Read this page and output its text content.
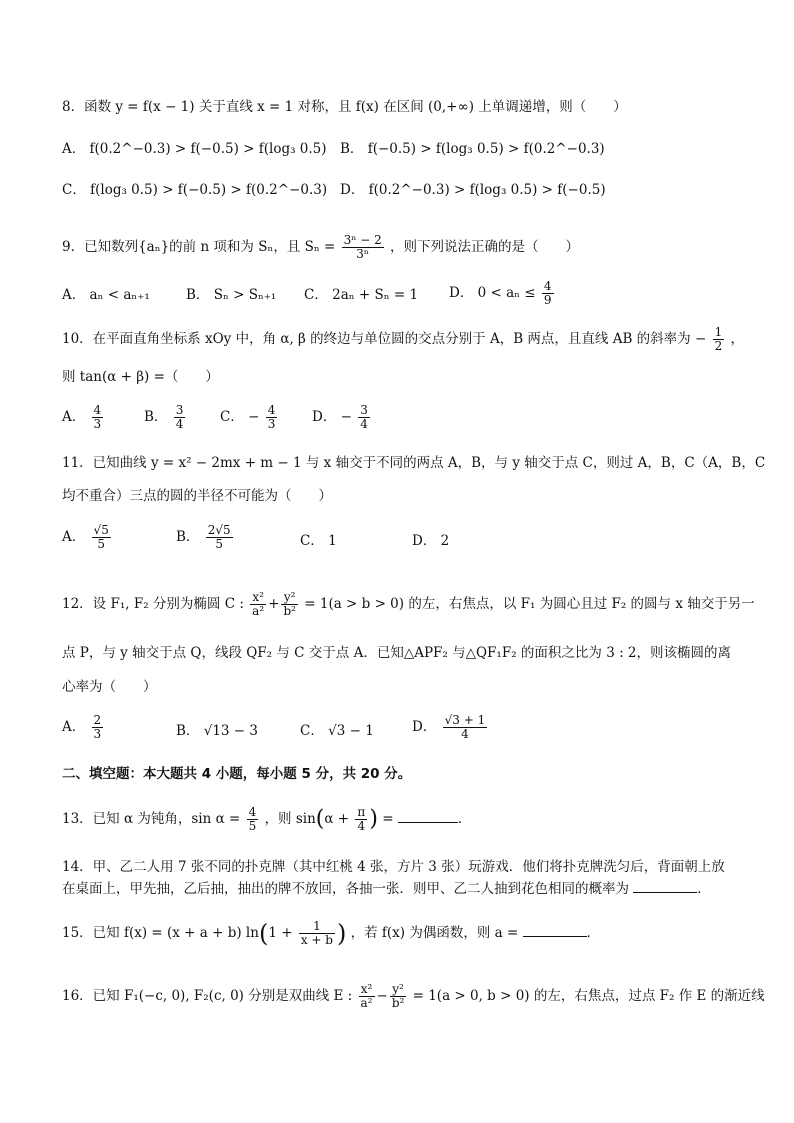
8．函数 y = f(x − 1) 关于直线 x = 1 对称，且 f(x) 在区间 (0,+∞) 上单调递增，则（　　）
A． f(0.2^−0.3) > f(−0.5) > f(log₃ 0.5) B． f(−0.5) > f(log₃ 0.5) > f(0.2^−0.3)
C． f(log₃ 0.5) > f(−0.5) > f(0.2^−0.3) D． f(0.2^−0.3) > f(log₃ 0.5) > f(−0.5)
9．已知数列{aₙ}的前 n 项和为 Sₙ，且 $S_n = \frac{\text{3ⁿ − 2}}{\text{3ⁿ}}$ ，则下列说法正确的是（　　）
A． aₙ < aₙ₊₁	B． Sₙ > Sₙ₊₁ C． 2aₙ + Sₙ = 1 D． $0 < a_n \le \frac{4}{9}$
10．在平面直角坐标系 xOy 中，角 α, β 的终边与单位圆的交点分别于 A，B 两点，且直线 AB 的斜率为 − $\frac{1}{2}$ ，
则 tan(α + β) =（　　）
A． $\frac{4}{3}$	B． $\frac{3}{4}$	C． − $\frac{4}{3}$	D． − $\frac{3}{4}$
11．已知曲线 y = x² − 2mx + m − 1 与 x 轴交于不同的两点 A，B，与 y 轴交于点 C，则过 A，B，C（A，B，C
均不重合）三点的圆的半径不可能为（　　）
A． $\frac{√5}{5}$	B． $\frac{2√5}{5}$	C． 1	D． 2
12．设 F₁, F₂ 分别为椭圆 C : $\frac{\text{x²}}{\text{a²}} + \frac{\text{y²}}{\text{b²}} = 1(a > b > 0)$ 的左，右焦点，以 F₁ 为圆心且过 F₂ 的圆与 x 轴交于另一
点 P，与 y 轴交于点 Q，线段 QF₂ 与 C 交于点 A．已知△APF₂ 与△QF₁F₂ 的面积之比为 3 : 2，则该椭圆的离
心率为（　　）
A． $\frac{2}{3}$	B． √13 − 3	C． √3 − 1	D． $\frac{√3 + 1}{4}$
二、填空题：本大题共 4 小题，每小题 5 分，共 20 分。
13．已知 α 为钝角，$\sin \alpha = \frac{4}{5}$ ，则 $\sin(\alpha + \frac{\pi}{4}$ ) =	．
14．甲、乙二人用 7 张不同的扑克牌（其中红桃 4 张，方片 3 张）玩游戏．他们将扑克牌洗匀后，背面朝上放
在桌面上，甲先抽，乙后抽，抽出的牌不放回，各抽一张．则甲、乙二人抽到花色相同的概率为	．
15．已知 f(x) = (x + a + b) $\ln(1 + \frac{1}{x + b}$ ) ，若 f(x) 为偶函数，则 a =	．
16．已知 F₁(−c, 0), F₂(c, 0) 分别是双曲线 E : $\frac{\text{x²}}{\text{a²}} - \frac{\text{y²}}{\text{b²}} = 1(a > 0$, b > 0) 的左，右焦点，过点 F₂ 作 E 的渐近线
